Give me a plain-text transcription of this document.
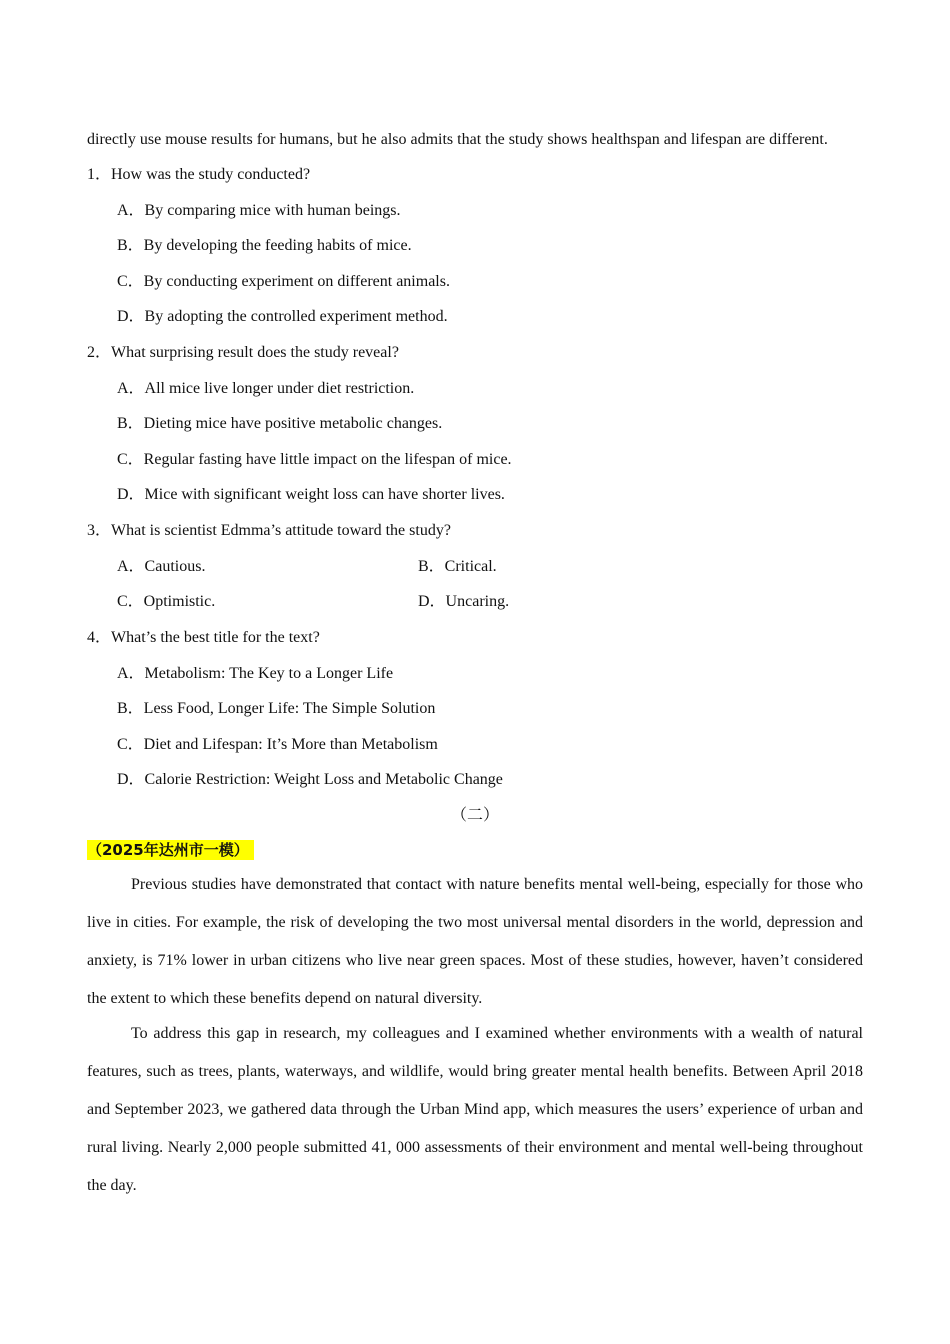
directly use mouse results for humans, but he also admits that the study shows healthspan and lifespan are different.
1．How was the study conducted?
A．By comparing mice with human beings.
B．By developing the feeding habits of mice.
C．By conducting experiment on different animals.
D．By adopting the controlled experiment method.
2．What surprising result does the study reveal?
A．All mice live longer under diet restriction.
B．Dieting mice have positive metabolic changes.
C．Regular fasting have little impact on the lifespan of mice.
D．Mice with significant weight loss can have shorter lives.
3．What is scientist Edmma’s attitude toward the study?
A．Cautious.	B．Critical.
C．Optimistic.	D．Uncaring.
4．What’s the best title for the text?
A．Metabolism: The Key to a Longer Life
B．Less Food, Longer Life: The Simple Solution
C．Diet and Lifespan: It’s More than Metabolism
D．Calorie Restriction: Weight Loss and Metabolic Change
（二）
（2025年达州市一模）

Previous studies have demonstrated that contact with nature benefits mental well-being, especially for those who live in cities. For example, the risk of developing the two most universal mental disorders in the world, depression and anxiety, is 71% lower in urban citizens who live near green spaces. Most of these studies, however, haven’t considered the extent to which these benefits depend on natural diversity.

To address this gap in research, my colleagues and I examined whether environments with a wealth of natural features, such as trees, plants, waterways, and wildlife, would bring greater mental health benefits. Between April 2018 and September 2023, we gathered data through the Urban Mind app, which measures the users’ experience of urban and rural living. Nearly 2,000 people submitted 41, 000 assessments of their environment and mental well-being throughout the day.
